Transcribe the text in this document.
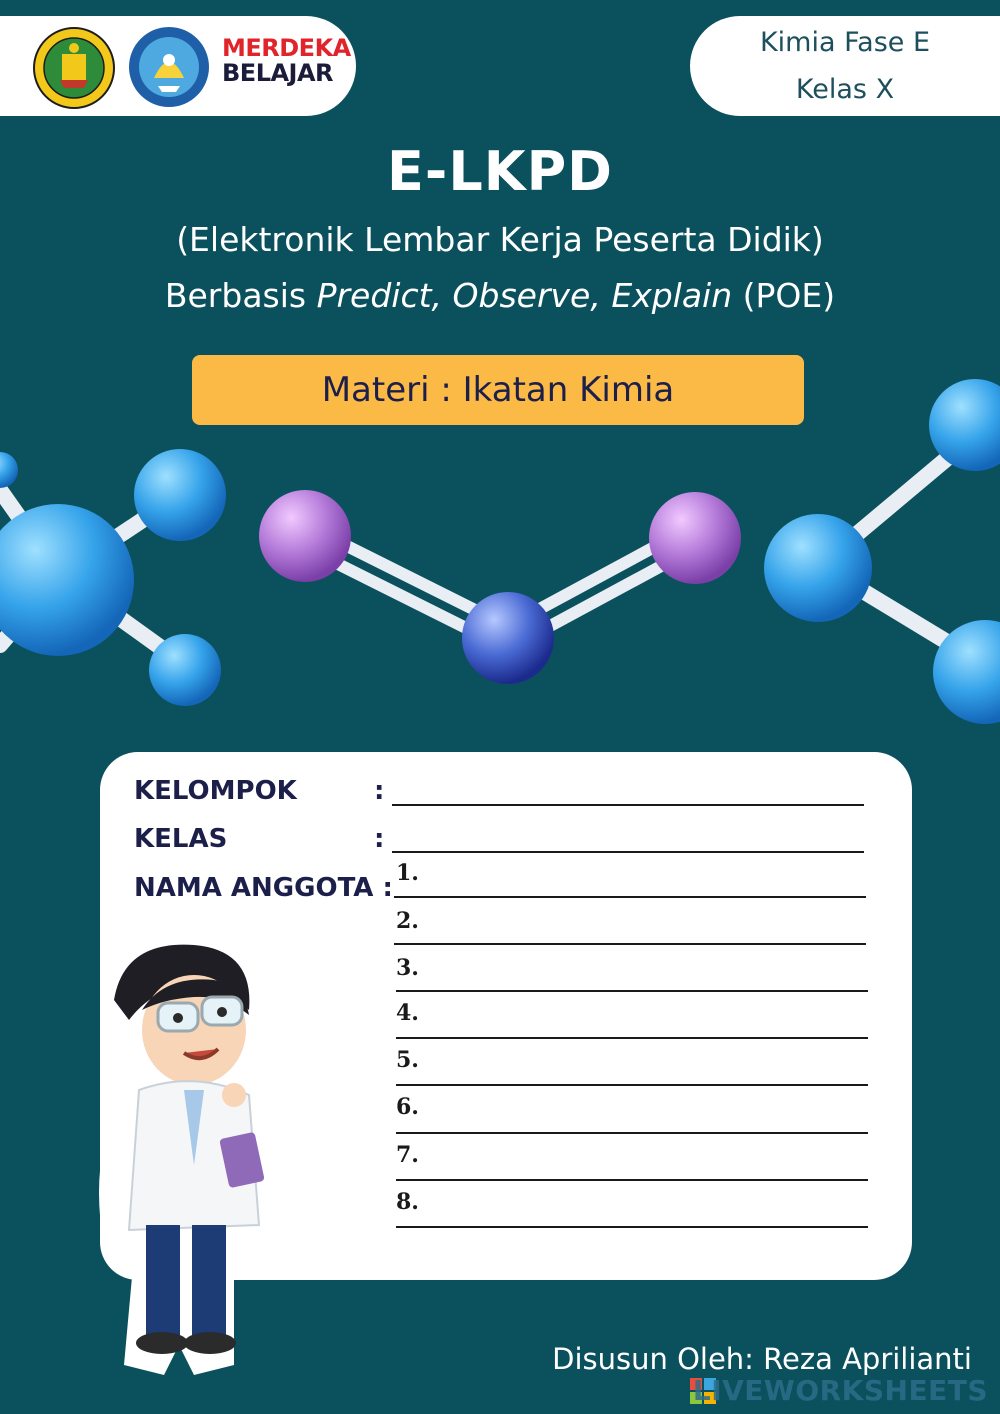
MERDEKA
BELAJAR
Kimia Fase E
Kelas X
E-LKPD
(Elektronik Lembar Kerja Peserta Didik)
Berbasis Predict, Observe, Explain (POE)
Materi : Ikatan Kimia
KELOMPOK	:
KELAS	:
NAMA ANGGOTA : 1.
2.
3.
4.
5.
6.
7.
8.
Disusun Oleh: Reza Aprilianti
LIVEWORKSHEETS
